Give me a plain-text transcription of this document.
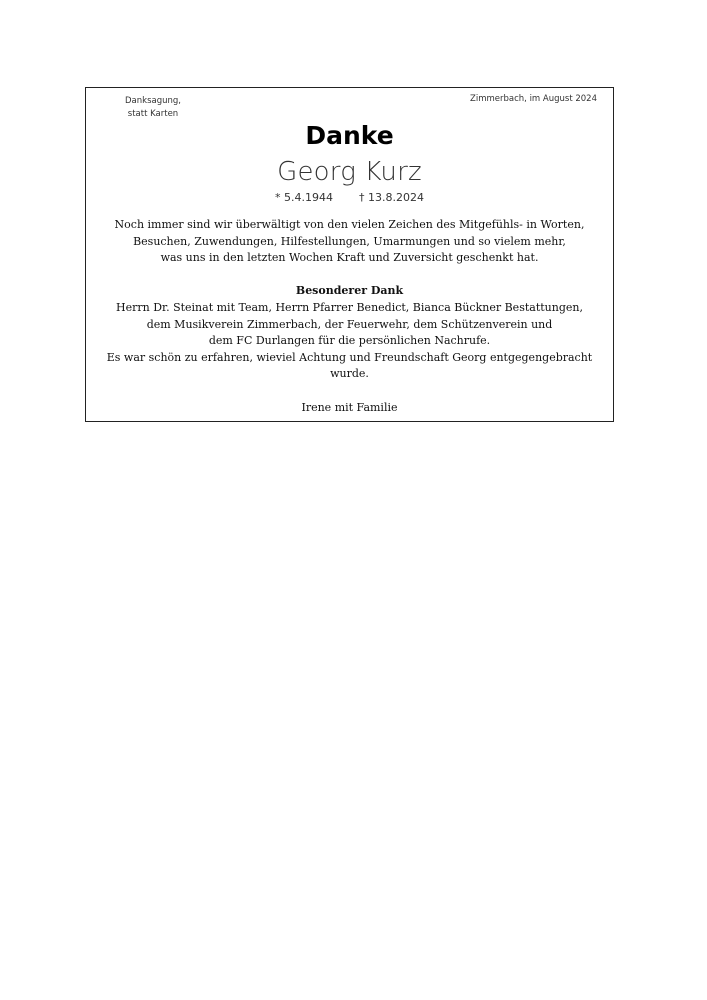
Danksagung,
statt Karten
Zimmerbach, im August 2024
Danke
Georg Kurz
* 5.4.1944 † 13.8.2024
Noch immer sind wir überwältigt von den vielen Zeichen des Mitgefühls- in Worten,
Besuchen, Zuwendungen, Hilfestellungen, Umarmungen und so vielem mehr,
was uns in den letzten Wochen Kraft und Zuversicht geschenkt hat.
Besonderer Dank
Herrn Dr. Steinat mit Team, Herrn Pfarrer Benedict, Bianca Bückner Bestattungen,
dem Musikverein Zimmerbach, der Feuerwehr, dem Schützenverein und
dem FC Durlangen für die persönlichen Nachrufe.
Es war schön zu erfahren, wieviel Achtung und Freundschaft Georg entgegengebracht
wurde.
Irene mit Familie
